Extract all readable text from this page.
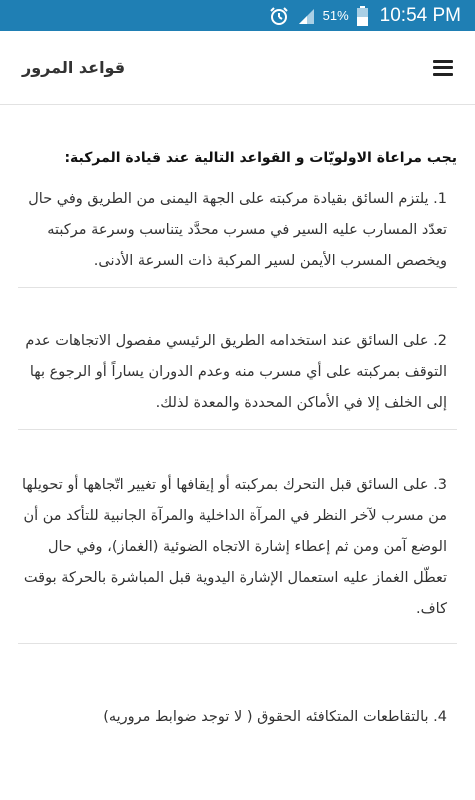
51% 10:54 PM
قواعد المرور

يجب مراعاة الاولويّات و القواعد التالية عند قيادة المركبة:

1. يلتزم السائق بقيادة مركبته على الجهة اليمنى من الطريق وفي حال تعدّد المسارب عليه السير في مسرب محدَّد يتناسب وسرعة مركبته ويخصص المسرب الأيمن لسير المركبة ذات السرعة الأدنى.

2. على السائق عند استخدامه الطريق الرئيسي مفصول الاتجاهات عدم التوقف بمركبته على أي مسرب منه وعدم الدوران يساراً أو الرجوع بها إلى الخلف إلا في الأماكن المحددة والمعدة لذلك.

3. على السائق قبل التحرك بمركبته أو إيقافها أو تغيير اتّجاهها أو تحويلها من مسرب لآخر النظر في المرآة الداخلية والمرآة الجانبية للتأكد من أن الوضع آمن ومن ثم إعطاء إشارة الاتجاه الضوئية (الغماز)، وفي حال تعطّل الغماز عليه استعمال الإشارة اليدوية قبل المباشرة بالحركة بوقت كاف.

4. بالتقاطعات المتكافئه الحقوق ( لا توجد ضوابط مروريه)
